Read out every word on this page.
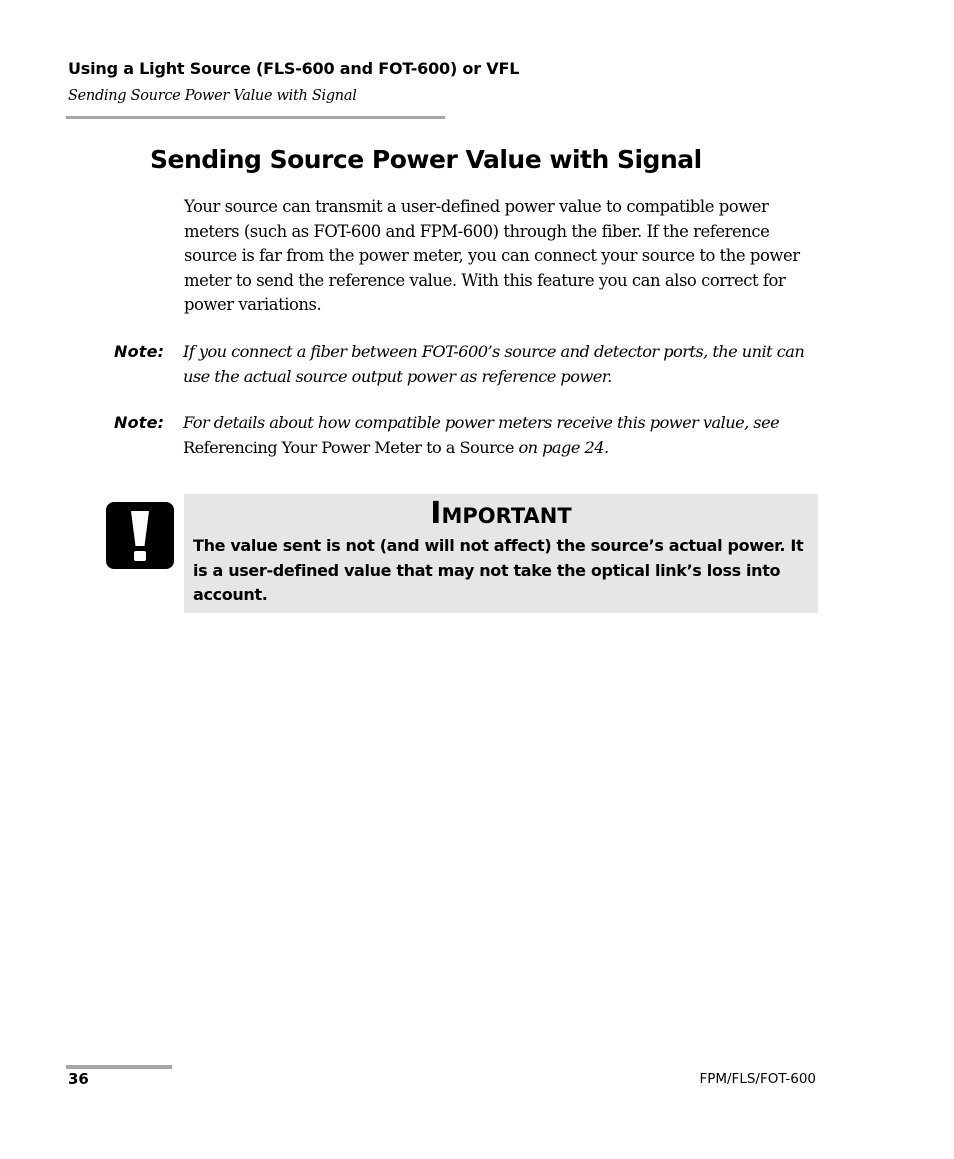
Using a Light Source (FLS-600 and FOT-600) or VFL
Sending Source Power Value with Signal
Sending Source Power Value with Signal

Your source can transmit a user-defined power value to compatible power meters (such as FOT-600 and FPM-600) through the fiber. If the reference source is far from the power meter, you can connect your source to the power meter to send the reference value. With this feature you can also correct for power variations.

Note: If you connect a fiber between FOT-600’s source and detector ports, the unit can use the actual source output power as reference power.

Note: For details about how compatible power meters receive this power value, see Referencing Your Power Meter to a Source on page 24.

Important

The value sent is not (and will not affect) the source’s actual power. It is a user-defined value that may not take the optical link’s loss into account.

36	FPM/FLS/FOT-600
